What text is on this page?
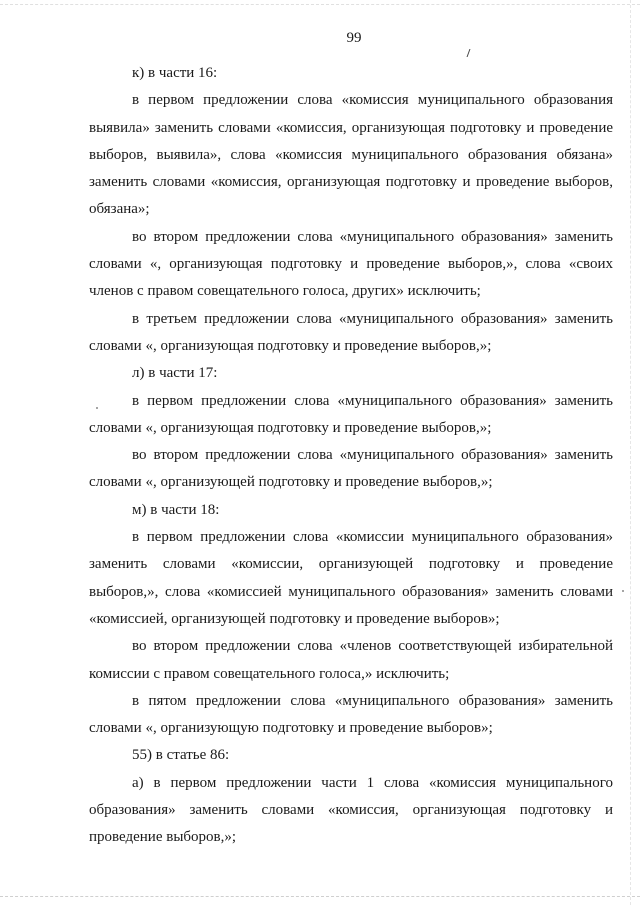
99

к) в части 16:

в первом предложении слова «комиссия муниципального образования выявила» заменить словами «комиссия, организующая подготовку и проведение выборов, выявила», слова «комиссия муниципального образования обязана» заменить словами «комиссия, организующая подготовку и проведение выборов, обязана»;

во втором предложении слова «муниципального образования» заменить словами «, организующая подготовку и проведение выборов,», слова «своих членов с правом совещательного голоса, других» исключить;

в третьем предложении слова «муниципального образования» заменить словами «, организующая подготовку и проведение выборов,»;

л) в части 17:

в первом предложении слова «муниципального образования» заменить словами «, организующая подготовку и проведение выборов,»;

во втором предложении слова «муниципального образования» заменить словами «, организующей подготовку и проведение выборов,»;

м) в части 18:

в первом предложении слова «комиссии муниципального образования» заменить словами «комиссии, организующей подготовку и проведение выборов,», слова «комиссией муниципального образования» заменить словами «комиссией, организующей подготовку и проведение выборов»;

во втором предложении слова «членов соответствующей избирательной комиссии с правом совещательного голоса,» исключить;

в пятом предложении слова «муниципального образования» заменить словами «, организующую подготовку и проведение выборов»;

55) в статье 86:

а) в первом предложении части 1 слова «комиссия муниципального образования» заменить словами «комиссия, организующая подготовку и проведение выборов,»;
